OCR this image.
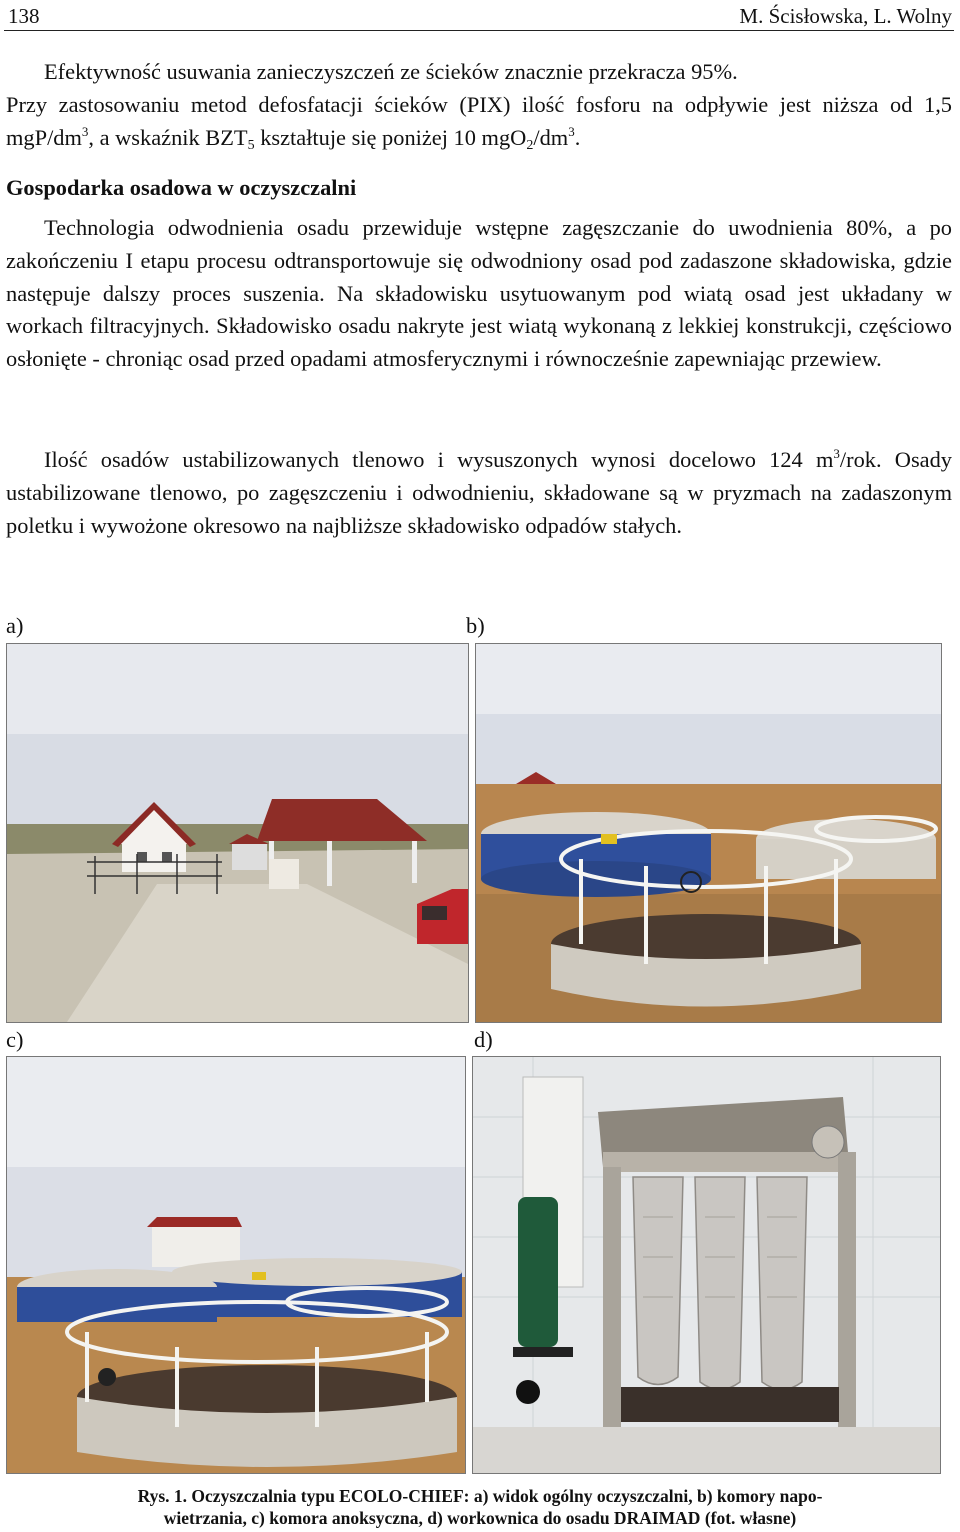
138	M. Ścisłowska, L. Wolny
Efektywność usuwania zanieczyszczeń ze ścieków znacznie przekracza 95%.
Przy zastosowaniu metod defosfatacji ścieków (PIX) ilość fosforu na odpływie jest niższa od 1,5 mgP/$dm^3$, a wskaźnik $BZT_5$ kształtuje się poniżej 10 $mgO_2/dm^3$.
Gospodarka osadowa w oczyszczalni
Technologia odwodnienia osadu przewiduje wstępne zagęszczanie do uwodnienia 80%, a po zakończeniu I etapu procesu odtransportowuje się odwodniony osad pod zadaszone składowiska, gdzie następuje dalszy proces suszenia. Na składowisku usytuowanym pod wiatą osad jest układany w workach filtracyjnych. Składowisko osadu nakryte jest wiatą wykonaną z lekkiej konstrukcji, częściowo osłonięte - chroniąc osad przed opadami atmosferycznymi i równocześnie zapewniając przewiew.
Ilość osadów ustabilizowanych tlenowo i wysuszonych wynosi docelowo 124 $m^3$/rok. Osady ustabilizowane tlenowo, po zagęszczeniu i odwodnieniu, składowane są w pryzmach na zadaszonym poletku i wywożone okresowo na najbliższe składowisko odpadów stałych.
a)	b)
c)	d)
Rys. 1. Oczyszczalnia typu ECOLO-CHIEF: a) widok ogólny oczyszczalni, b) komory napo-
wietrzania, c) komora anoksyczna, d) workownica do osadu DRAIMAD (fot. własne)
